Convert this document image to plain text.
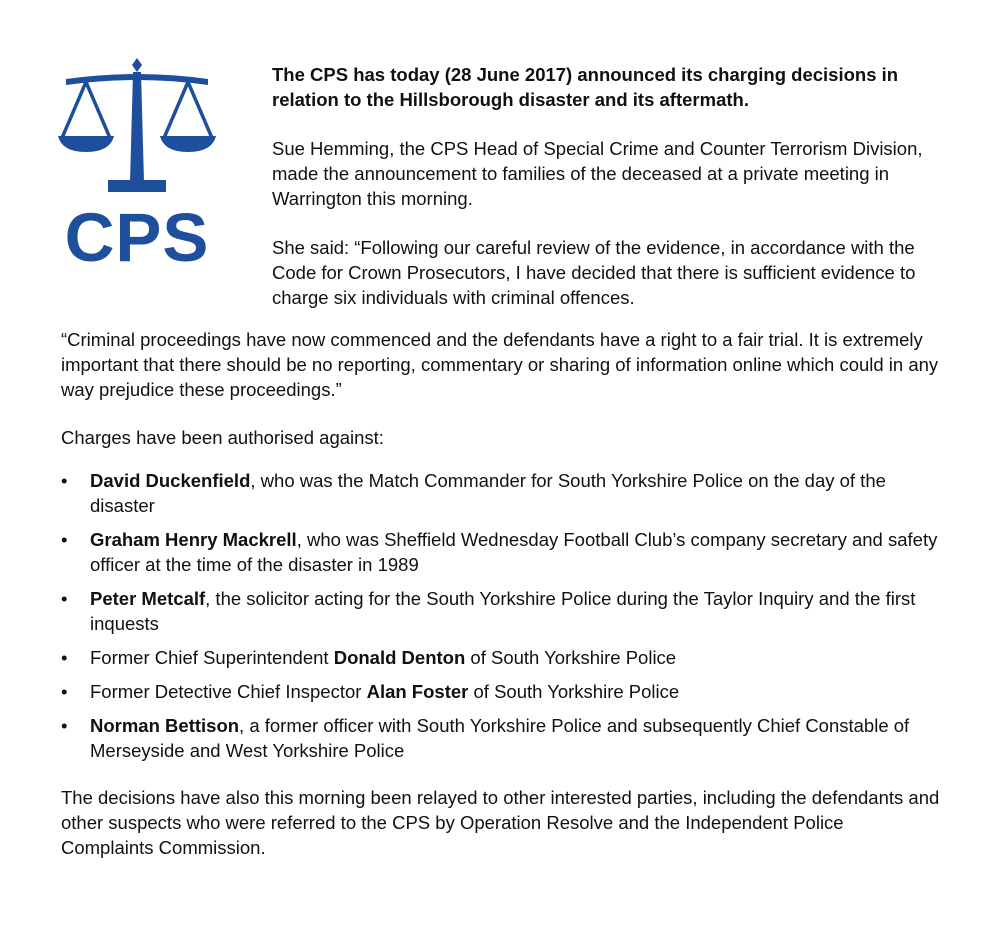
CPS

The CPS has today (28 June 2017) announced its charging decisions in relation to the Hillsborough disaster and its aftermath.

Sue Hemming, the CPS Head of Special Crime and Counter Terrorism Division, made the announcement to families of the deceased at a private meeting in Warrington this morning.

She said: “Following our careful review of the evidence, in accordance with the Code for Crown Prosecutors, I have decided that there is sufficient evidence to charge six individuals with criminal offences.

“Criminal proceedings have now commenced and the defendants have a right to a fair trial. It is extremely important that there should be no reporting, commentary or sharing of information online which could in any way prejudice these proceedings.”

Charges have been authorised against:

• David Duckenfield, who was the Match Commander for South Yorkshire Police on the day of the disaster
• Graham Henry Mackrell, who was Sheffield Wednesday Football Club’s company secretary and safety officer at the time of the disaster in 1989
• Peter Metcalf, the solicitor acting for the South Yorkshire Police during the Taylor Inquiry and the first inquests
• Former Chief Superintendent Donald Denton of South Yorkshire Police
• Former Detective Chief Inspector Alan Foster of South Yorkshire Police
• Norman Bettison, a former officer with South Yorkshire Police and subsequently Chief Constable of Merseyside and West Yorkshire Police

The decisions have also this morning been relayed to other interested parties, including the defendants and other suspects who were referred to the CPS by Operation Resolve and the Independent Police Complaints Commission.
